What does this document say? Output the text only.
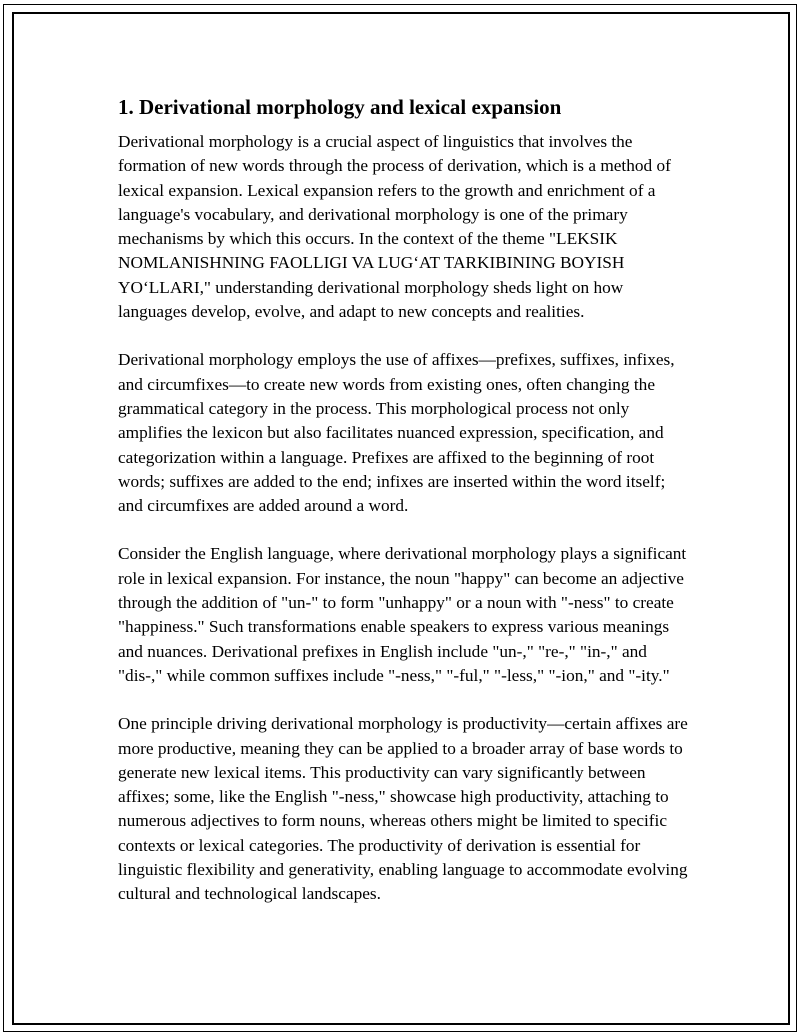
1. Derivational morphology and lexical expansion

Derivational morphology is a crucial aspect of linguistics that involves the formation of new words through the process of derivation, which is a method of lexical expansion. Lexical expansion refers to the growth and enrichment of a language's vocabulary, and derivational morphology is one of the primary mechanisms by which this occurs. In the context of the theme "LEKSIK NOMLANISHNING FAOLLIGI VA LUG‘AT TARKIBINING BOYISH YO‘LLARI," understanding derivational morphology sheds light on how languages develop, evolve, and adapt to new concepts and realities.

Derivational morphology employs the use of affixes—prefixes, suffixes, infixes, and circumfixes—to create new words from existing ones, often changing the grammatical category in the process. This morphological process not only amplifies the lexicon but also facilitates nuanced expression, specification, and categorization within a language. Prefixes are affixed to the beginning of root words; suffixes are added to the end; infixes are inserted within the word itself; and circumfixes are added around a word.

Consider the English language, where derivational morphology plays a significant role in lexical expansion. For instance, the noun "happy" can become an adjective through the addition of "un-" to form "unhappy" or a noun with "-ness" to create "happiness." Such transformations enable speakers to express various meanings and nuances. Derivational prefixes in English include "un-," "re-," "in-," and "dis-," while common suffixes include "-ness," "-ful," "-less," "-ion," and "-ity."

One principle driving derivational morphology is productivity—certain affixes are more productive, meaning they can be applied to a broader array of base words to generate new lexical items. This productivity can vary significantly between affixes; some, like the English "-ness," showcase high productivity, attaching to numerous adjectives to form nouns, whereas others might be limited to specific contexts or lexical categories. The productivity of derivation is essential for linguistic flexibility and generativity, enabling language to accommodate evolving cultural and technological landscapes.
